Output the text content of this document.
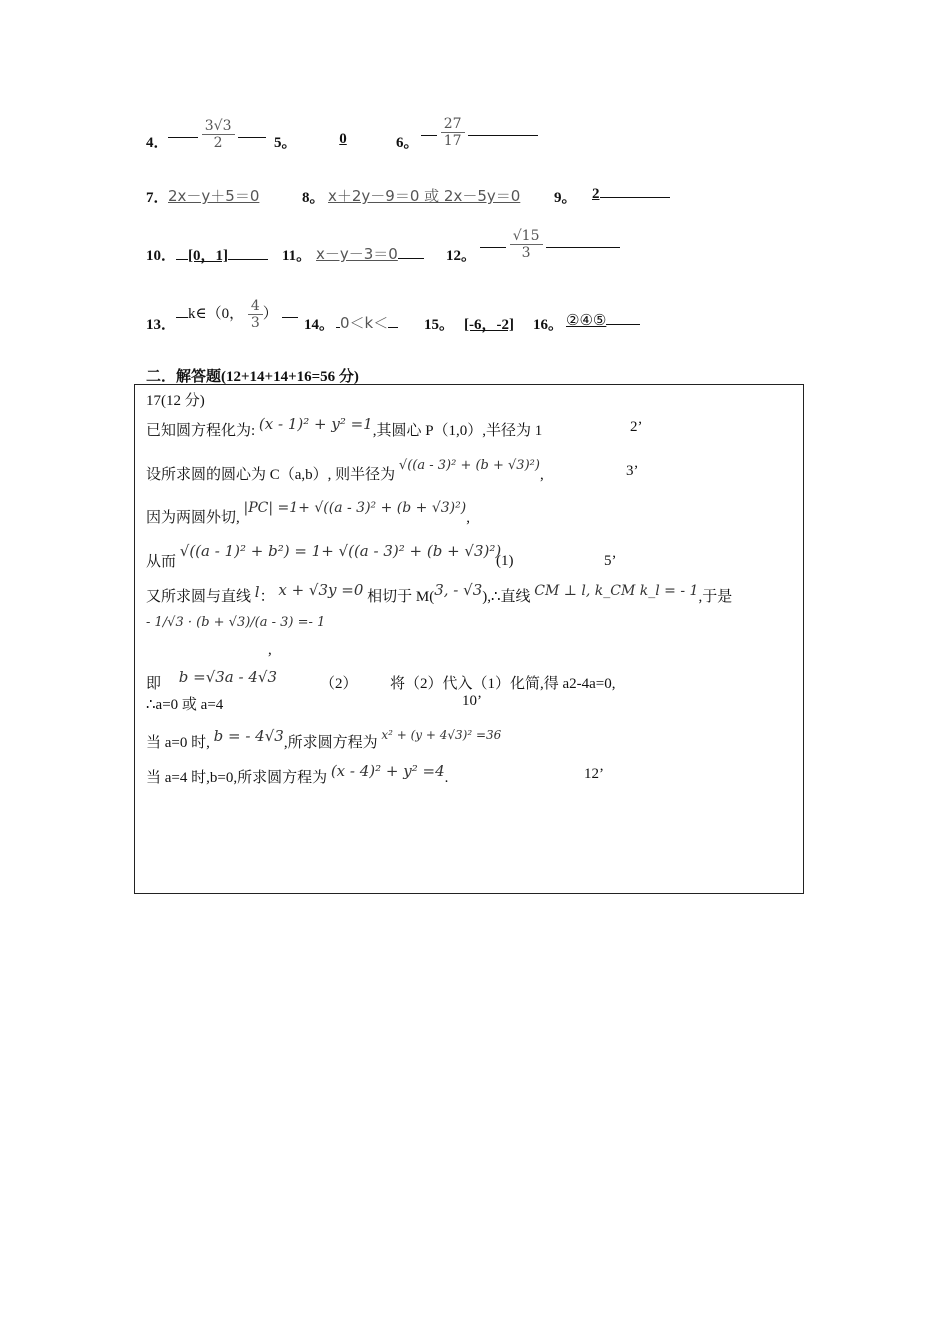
4．
$\frac{3√3}{2}$
	5。	0	6。
$\frac{27}{17}$

7． 2x－y＋5＝0	8。 x＋2y－9＝0 或 2x－5y＝0 9。	2
10． [0，1]	11。 x－y－3＝0	12。
$\frac{√15}{3}$

13．
k∈（0， $\frac{4}{3}$ ）
14。 0＜k＜	15。 [-6，-2] 16。 ②④⑤
二．解答题(12+14+14+16=56 分)
17(12 分)
已知圆方程化为: (x - 1)² + y² =1,其圆心 P（1,0）,半径为 1	2’
设所求圆的圆心为 C（a,b）, 则半径为 √((a - 3)² + (b + √3)²),	3’
因为两圆外切, |PC| =1+ √((a - 3)² + (b + √3)²),
从而 √((a - 1)² + b²) = 1+ √((a - 3)² + (b + √3)²)
(1)	5’
又所求圆与直线 l： x + √3y =0 相切于 M(3, - √3),∴直线 CM ⊥ l, k_CM k_l = - 1,于是
- 1/√3 · (b + √3)/(a - 3) =- 1
,
即 b =√3a - 4√3	（2） 将（2）代入（1）化简,得 a2-4a=0,
∴a=0 或 a=4	10’
当 a=0 时, b = - 4√3,所求圆方程为 $^{x^2 + (y + 4√3)^2 =36}$
当 a=4 时,b=0,所求圆方程为 (x - 4)² + y² =4.	12’
